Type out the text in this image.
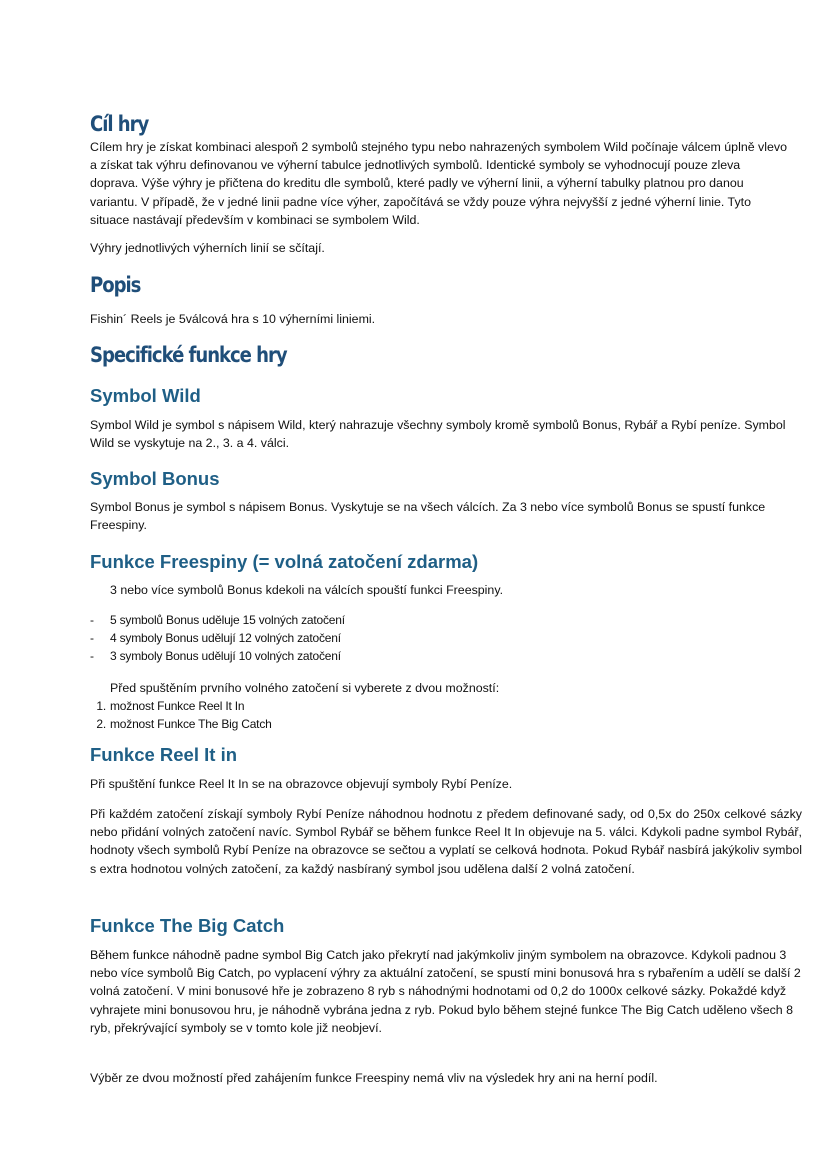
Cíl hry

Cílem hry je získat kombinaci alespoň 2 symbolů stejného typu nebo nahrazených symbolem Wild počínaje válcem úplně vlevo a získat tak výhru definovanou ve výherní tabulce jednotlivých symbolů. Identické symboly se vyhodnocují pouze zleva doprava. Výše výhry je přičtena do kreditu dle symbolů, které padly ve výherní linii, a výherní tabulky platnou pro danou variantu. V případě, že v jedné linii padne více výher, započítává se vždy pouze výhra nejvyšší z jedné výherní linie. Tyto situace nastávají především v kombinaci se symbolem Wild.

Výhry jednotlivých výherních linií se sčítají.

Popis

Fishin´ Reels je 5válcová hra s 10 výherními liniemi.

Specifické funkce hry
Symbol Wild

Symbol Wild je symbol s nápisem Wild, který nahrazuje všechny symboly kromě symbolů Bonus, Rybář a Rybí peníze. Symbol Wild se vyskytuje na 2., 3. a 4. válci.

Symbol Bonus

Symbol Bonus je symbol s nápisem Bonus. Vyskytuje se na všech válcích. Za 3 nebo více symbolů Bonus se spustí funkce Freespiny.

Funkce Freespiny (= volná zatočení zdarma)

3 nebo více symbolů Bonus kdekoli na válcích spouští funkci Freespiny.

- 5 symbolů Bonus uděluje 15 volných zatočení
- 4 symboly Bonus udělují 12 volných zatočení
- 3 symboly Bonus udělují 10 volných zatočení

Před spuštěním prvního volného zatočení si vyberete z dvou možností:

1. možnost Funkce Reel It In
2. možnost Funkce The Big Catch
Funkce Reel It in

Při spuštění funkce Reel It In se na obrazovce objevují symboly Rybí Peníze.

Při každém zatočení získají symboly Rybí Peníze náhodnou hodnotu z předem definované sady, od 0,5x do 250x celkové sázky nebo přidání volných zatočení navíc. Symbol Rybář se během funkce Reel It In objevuje na 5. válci. Kdykoli padne symbol Rybář, hodnoty všech symbolů Rybí Peníze na obrazovce se sečtou a vyplatí se celková hodnota. Pokud Rybář nasbírá jakýkoliv symbol s extra hodnotou volných zatočení, za každý nasbíraný symbol jsou udělena další 2 volná zatočení.

Funkce The Big Catch

Během funkce náhodně padne symbol Big Catch jako překrytí nad jakýmkoliv jiným symbolem na obrazovce. Kdykoli padnou 3 nebo více symbolů Big Catch, po vyplacení výhry za aktuální zatočení, se spustí mini bonusová hra s rybařením a udělí se další 2 volná zatočení. V mini bonusové hře je zobrazeno 8 ryb s náhodnými hodnotami od 0,2 do 1000x celkové sázky. Pokaždé když vyhrajete mini bonusovou hru, je náhodně vybrána jedna z ryb. Pokud bylo během stejné funkce The Big Catch uděleno všech 8 ryb, překrývající symboly se v tomto kole již neobjeví.

Výběr ze dvou možností před zahájením funkce Freespiny nemá vliv na výsledek hry ani na herní podíl.
